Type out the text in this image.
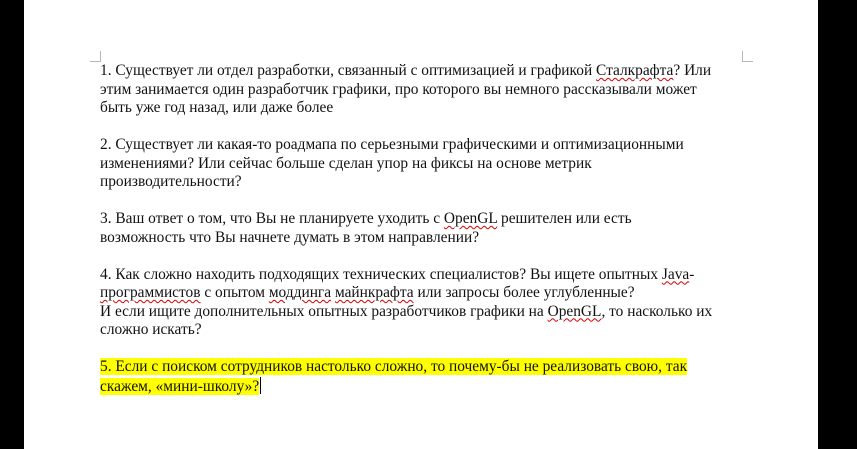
1. Существует ли отдел разработки, связанный с оптимизацией и графикой Сталкрафта? Или
этим занимается один разработчик графики, про которого вы немного рассказывали может
быть уже год назад, или даже более

2. Существует ли какая-то роадмапа по серьезными графическими и оптимизационными
изменениями? Или сейчас больше сделан упор на фиксы на основе метрик
производительности?

3. Ваш ответ о том, что Вы не планируете уходить с OpenGL решителен или есть
возможность что Вы начнете думать в этом направлении?

4. Как сложно находить подходящих технических специалистов? Вы ищете опытных Java-
программистов с опытом моддинга майнкрафта или запросы более углубленные?
И если ищите дополнительных опытных разработчиков графики на OpenGL, то насколько их
сложно искать?

5. Если с поиском сотрудников настолько сложно, то почему-бы не реализовать свою, так
скажем, «мини-школу»?
